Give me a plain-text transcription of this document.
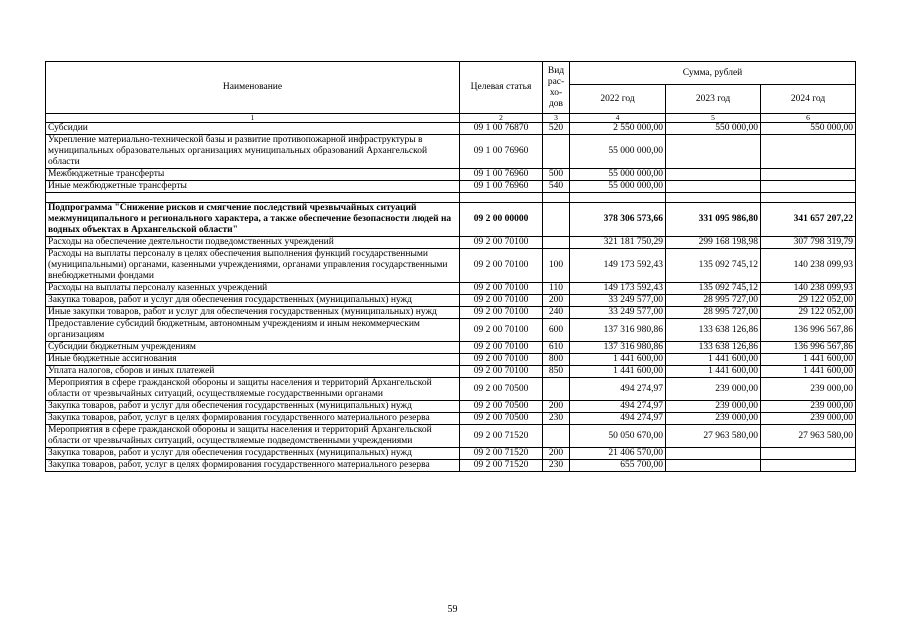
Наименование	Целевая статья	Вид рас-хо-дов	Сумма, рублей		
			2022 год	2023 год	2024 год
1	2	3	4	5	6
Субсидии	09 1 00 76870	520	2 550 000,00	550 000,00	550 000,00
Укрепление материально-технической базы и развитие противопожарной инфраструктуры в муниципальных образовательных организациях муниципальных образований Архангельской области	09 1 00 76960		55 000 000,00		
Межбюджетные трансферты	09 1 00 76960	500	55 000 000,00		
Иные межбюджетные трансферты	09 1 00 76960	540	55 000 000,00		

Подпрограмма "Снижение рисков и смягчение последствий чрезвычайных ситуаций межмуниципального и регионального характера, а также обеспечение безопасности людей на водных объектах в Архангельской области"	09 2 00 00000		378 306 573,66	331 095 986,80	341 657 207,22
Расходы на обеспечение деятельности подведомственных учреждений	09 2 00 70100		321 181 750,29	299 168 198,98	307 798 319,79
Расходы на выплаты персоналу в целях обеспечения выполнения функций государственными (муниципальными) органами, казенными учреждениями, органами управления государственными внебюджетными фондами	09 2 00 70100	100	149 173 592,43	135 092 745,12	140 238 099,93
Расходы на выплаты персоналу казенных учреждений	09 2 00 70100	110	149 173 592,43	135 092 745,12	140 238 099,93
Закупка товаров, работ и услуг для обеспечения государственных (муниципальных) нужд	09 2 00 70100	200	33 249 577,00	28 995 727,00	29 122 052,00
Иные закупки товаров, работ и услуг для обеспечения государственных (муниципальных) нужд	09 2 00 70100	240	33 249 577,00	28 995 727,00	29 122 052,00
Предоставление субсидий бюджетным, автономным учреждениям и иным некоммерческим организациям	09 2 00 70100	600	137 316 980,86	133 638 126,86	136 996 567,86
Субсидии бюджетным учреждениям	09 2 00 70100	610	137 316 980,86	133 638 126,86	136 996 567,86
Иные бюджетные ассигнования	09 2 00 70100	800	1 441 600,00	1 441 600,00	1 441 600,00
Уплата налогов, сборов и иных платежей	09 2 00 70100	850	1 441 600,00	1 441 600,00	1 441 600,00
Мероприятия в сфере гражданской обороны и защиты населения и территорий Архангельской области от чрезвычайных ситуаций, осуществляемые государственными органами	09 2 00 70500		494 274,97	239 000,00	239 000,00
Закупка товаров, работ и услуг для обеспечения государственных (муниципальных) нужд	09 2 00 70500	200	494 274,97	239 000,00	239 000,00
Закупка товаров, работ, услуг в целях формирования государственного материального резерва	09 2 00 70500	230	494 274,97	239 000,00	239 000,00
Мероприятия в сфере гражданской обороны и защиты населения и территорий Архангельской области от чрезвычайных ситуаций, осуществляемые подведомственными учреждениями	09 2 00 71520		50 050 670,00	27 963 580,00	27 963 580,00
Закупка товаров, работ и услуг для обеспечения государственных (муниципальных) нужд	09 2 00 71520	200	21 406 570,00		
Закупка товаров, работ, услуг в целях формирования государственного материального резерва	09 2 00 71520	230	655 700,00		
59
